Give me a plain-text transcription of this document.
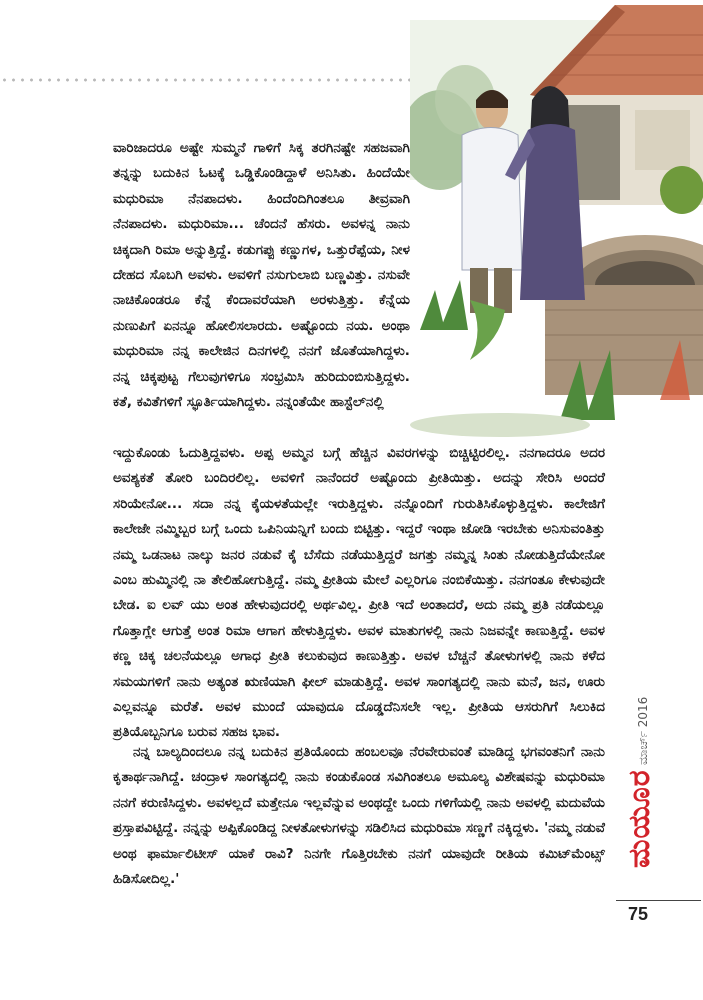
ವಾರಿಜಾದರೂ ಅಷ್ಟೇ ಸುಮ್ಮನೆ ಗಾಳಿಗೆ ಸಿಕ್ಕ ತರಗಿನಷ್ಟೇ ಸಹಜವಾಗಿ ತನ್ನನ್ನು ಬದುಕಿನ ಓಟಕ್ಕೆ ಒಡ್ಡಿಕೊಂಡಿದ್ದಾಳೆ ಅನಿಸಿತು. ಹಿಂದೆಯೇ ಮಧುರಿಮಾ ನೆನಪಾದಳು. ಹಿಂದೆಂದಿಗಿಂತಲೂ ತೀವ್ರವಾಗಿ ನೆನಪಾದಳು. ಮಧುರಿಮಾ... ಚೆಂದನೆ ಹೆಸರು. ಅವಳನ್ನ ನಾನು ಚಿಕ್ಕದಾಗಿ ರಿಮಾ ಅನ್ನುತ್ತಿದ್ದೆ. ಕಡುಗಪ್ಪು ಕಣ್ಣುಗಳ, ಒತ್ತುರೆಪ್ಪೆಯ, ನೀಳ ದೇಹದ ಸೊಬಗಿ ಅವಳು. ಅವಳಿಗೆ ನಸುಗುಲಾಬಿ ಬಣ್ಣವಿತ್ತು. ನಸುವೇ ನಾಚಿಕೊಂಡರೂ ಕೆನ್ನೆ ಕೆಂದಾವರೆಯಾಗಿ ಅರಳುತ್ತಿತ್ತು. ಕೆನ್ನೆಯ ನುಣುಪಿಗೆ ಏನನ್ನೂ ಹೋಲಿಸಲಾರದು. ಅಷ್ಟೊಂದು ನಯ. ಅಂಥಾ ಮಧುರಿಮಾ ನನ್ನ ಕಾಲೇಜಿನ ದಿನಗಳಲ್ಲಿ ನನಗೆ ಜೊತೆಯಾಗಿದ್ದಳು. ನನ್ನ ಚಿಕ್ಕಪುಟ್ಟ ಗೆಲುವುಗಳಿಗೂ ಸಂಭ್ರಮಿಸಿ ಹುರಿದುಂಬಿಸುತ್ತಿದ್ದಳು. ಕತೆ, ಕವಿತೆಗಳಿಗೆ ಸ್ಫೂರ್ತಿಯಾಗಿದ್ದಳು. ನನ್ನಂತೆಯೇ ಹಾಸ್ಟೆಲ್‌ನಲ್ಲಿ

ಇದ್ದುಕೊಂಡು ಓದುತ್ತಿದ್ದವಳು. ಅಪ್ಪ ಅಮ್ಮನ ಬಗ್ಗೆ ಹೆಚ್ಚಿನ ವಿವರಗಳನ್ನು ಬಿಚ್ಚಿಟ್ಟಿರಲಿಲ್ಲ. ನನಗಾದರೂ ಅದರ ಅವಶ್ಯಕತೆ ತೋರಿ ಬಂದಿರಲಿಲ್ಲ. ಅವಳಿಗೆ ನಾನೆಂದರೆ ಅಷ್ಟೊಂದು ಪ್ರೀತಿಯಿತ್ತು. ಅದನ್ನು ಸೇರಿಸಿ ಅಂದರೆ ಸರಿಯೇನೋ... ಸದಾ ನನ್ನ ಕೈಯಳತೆಯಲ್ಲೇ ಇರುತ್ತಿದ್ದಳು. ನನ್ನೊಂದಿಗೆ ಗುರುತಿಸಿಕೊಳ್ಳುತ್ತಿದ್ದಳು. ಕಾಲೇಜಿಗೆ ಕಾಲೇಜೇ ನಮ್ಮಿಬ್ಬರ ಬಗ್ಗೆ ಒಂದು ಒಪಿನಿಯನ್ನಿಗೆ ಬಂದು ಬಿಟ್ಟಿತ್ತು. ಇದ್ದರೆ ಇಂಥಾ ಜೋಡಿ ಇರಬೇಕು ಅನಿಸುವಂತಿತ್ತು ನಮ್ಮ ಒಡನಾಟ ನಾಲ್ಕು ಜನರ ನಡುವೆ ಕೈ ಬೆಸೆದು ನಡೆಯುತ್ತಿದ್ದರೆ ಜಗತ್ತು ನಮ್ಮನ್ನ ಸಿಂತು ನೋಡುತ್ತಿದೆಯೇನೋ ಎಂಬ ಹುಮ್ಮಿನಲ್ಲಿ ನಾ ತೇಲಿಹೋಗುತ್ತಿದ್ದೆ. ನಮ್ಮ ಪ್ರೀತಿಯ ಮೇಲೆ ಎಲ್ಲರಿಗೂ ನಂಬಿಕೆಯಿತ್ತು. ನನಗಂತೂ ಕೇಳುವುದೇ ಬೇಡ. ಐ ಲವ್ ಯು ಅಂತ ಹೇಳುವುದರಲ್ಲಿ ಅರ್ಥವಿಲ್ಲ. ಪ್ರೀತಿ ಇದೆ ಅಂತಾದರೆ, ಅದು ನಮ್ಮ ಪ್ರತಿ ನಡೆಯಲ್ಲೂ ಗೊತ್ತಾಗ್ಲೇ ಆಗುತ್ತೆ ಅಂತ ರಿಮಾ ಆಗಾಗ ಹೇಳುತ್ತಿದ್ದಳು. ಅವಳ ಮಾತುಗಳಲ್ಲಿ ನಾನು ನಿಜವನ್ನೇ ಕಾಣುತ್ತಿದ್ದೆ. ಅವಳ ಕಣ್ಣ ಚಿಕ್ಕ ಚಲನೆಯಲ್ಲೂ ಅಗಾಧ ಪ್ರೀತಿ ಕಲುಕುವುದ ಕಾಣುತ್ತಿತ್ತು. ಅವಳ ಬೆಚ್ಚನೆ ತೋಳುಗಳಲ್ಲಿ ನಾನು ಕಳೆದ ಸಮಯಗಳಿಗೆ ನಾನು ಅತ್ಯಂತ ಋಣಿಯಾಗಿ ಫೀಲ್ ಮಾಡುತ್ತಿದ್ದೆ. ಅವಳ ಸಾಂಗತ್ಯದಲ್ಲಿ ನಾನು ಮನೆ, ಜನ, ಊರು ಎಲ್ಲವನ್ನೂ ಮರೆತೆ. ಅವಳ ಮುಂದೆ ಯಾವುದೂ ದೊಡ್ಡದೆನಿಸಲೇ ಇಲ್ಲ. ಪ್ರೀತಿಯ ಆಸರುಗಿಗೆ ಸಿಲುಕಿದ ಪ್ರತಿಯೊಬ್ಬನಿಗೂ ಬರುವ ಸಹಜ ಭಾವ.

ನನ್ನ ಬಾಲ್ಯದಿಂದಲೂ ನನ್ನ ಬದುಕಿನ ಪ್ರತಿಯೊಂದು ಹಂಬಲವೂ ನೆರವೇರುವಂತೆ ಮಾಡಿದ್ದ ಭಗವಂತನಿಗೆ ನಾನು ಕೃತಾರ್ಥನಾಗಿದ್ದೆ. ಚಂದ್ರಾಳ ಸಾಂಗತ್ಯದಲ್ಲಿ ನಾನು ಕಂಡುಕೊಂಡ ಸವಿಗಿಂತಲೂ ಅಮೂಲ್ಯ ವಿಶೇಷವನ್ನು ಮಧುರಿಮಾ ನನಗೆ ಕರುಣಿಸಿದ್ದಳು. ಅವಳಲ್ಲದೆ ಮತ್ತೇನೂ ಇಲ್ಲವೆನ್ನುವ ಅಂಥದ್ದೇ ಒಂದು ಗಳಿಗೆಯಲ್ಲಿ ನಾನು ಅವಳಲ್ಲಿ ಮದುವೆಯ ಪ್ರಸ್ತಾಪವಿಟ್ಟಿದ್ದೆ. ನನ್ನನ್ನು ಅಪ್ಪಿಕೊಂಡಿದ್ದ ನೀಳತೋಳುಗಳನ್ನು ಸಡಿಲಿಸಿದ ಮಧುರಿಮಾ ಸಣ್ಣಗೆ ನಕ್ಕಿದ್ದಳು. 'ನಮ್ಮ ನಡುವೆ ಅಂಥ ಫಾರ್ಮಾಲಿಟೀಸ್ ಯಾಕೆ ರಾವಿ? ನಿನಗೇ ಗೊತ್ತಿರಬೇಕು ನನಗೆ ಯಾವುದೇ ರೀತಿಯ ಕಮಿಟ್‌ಮೆಂಟ್ಸ್ ಹಿಡಿಸೋದಿಲ್ಲ.'

ಮಾರ್ಚ್ 2016
ಮಯೂರ
75
